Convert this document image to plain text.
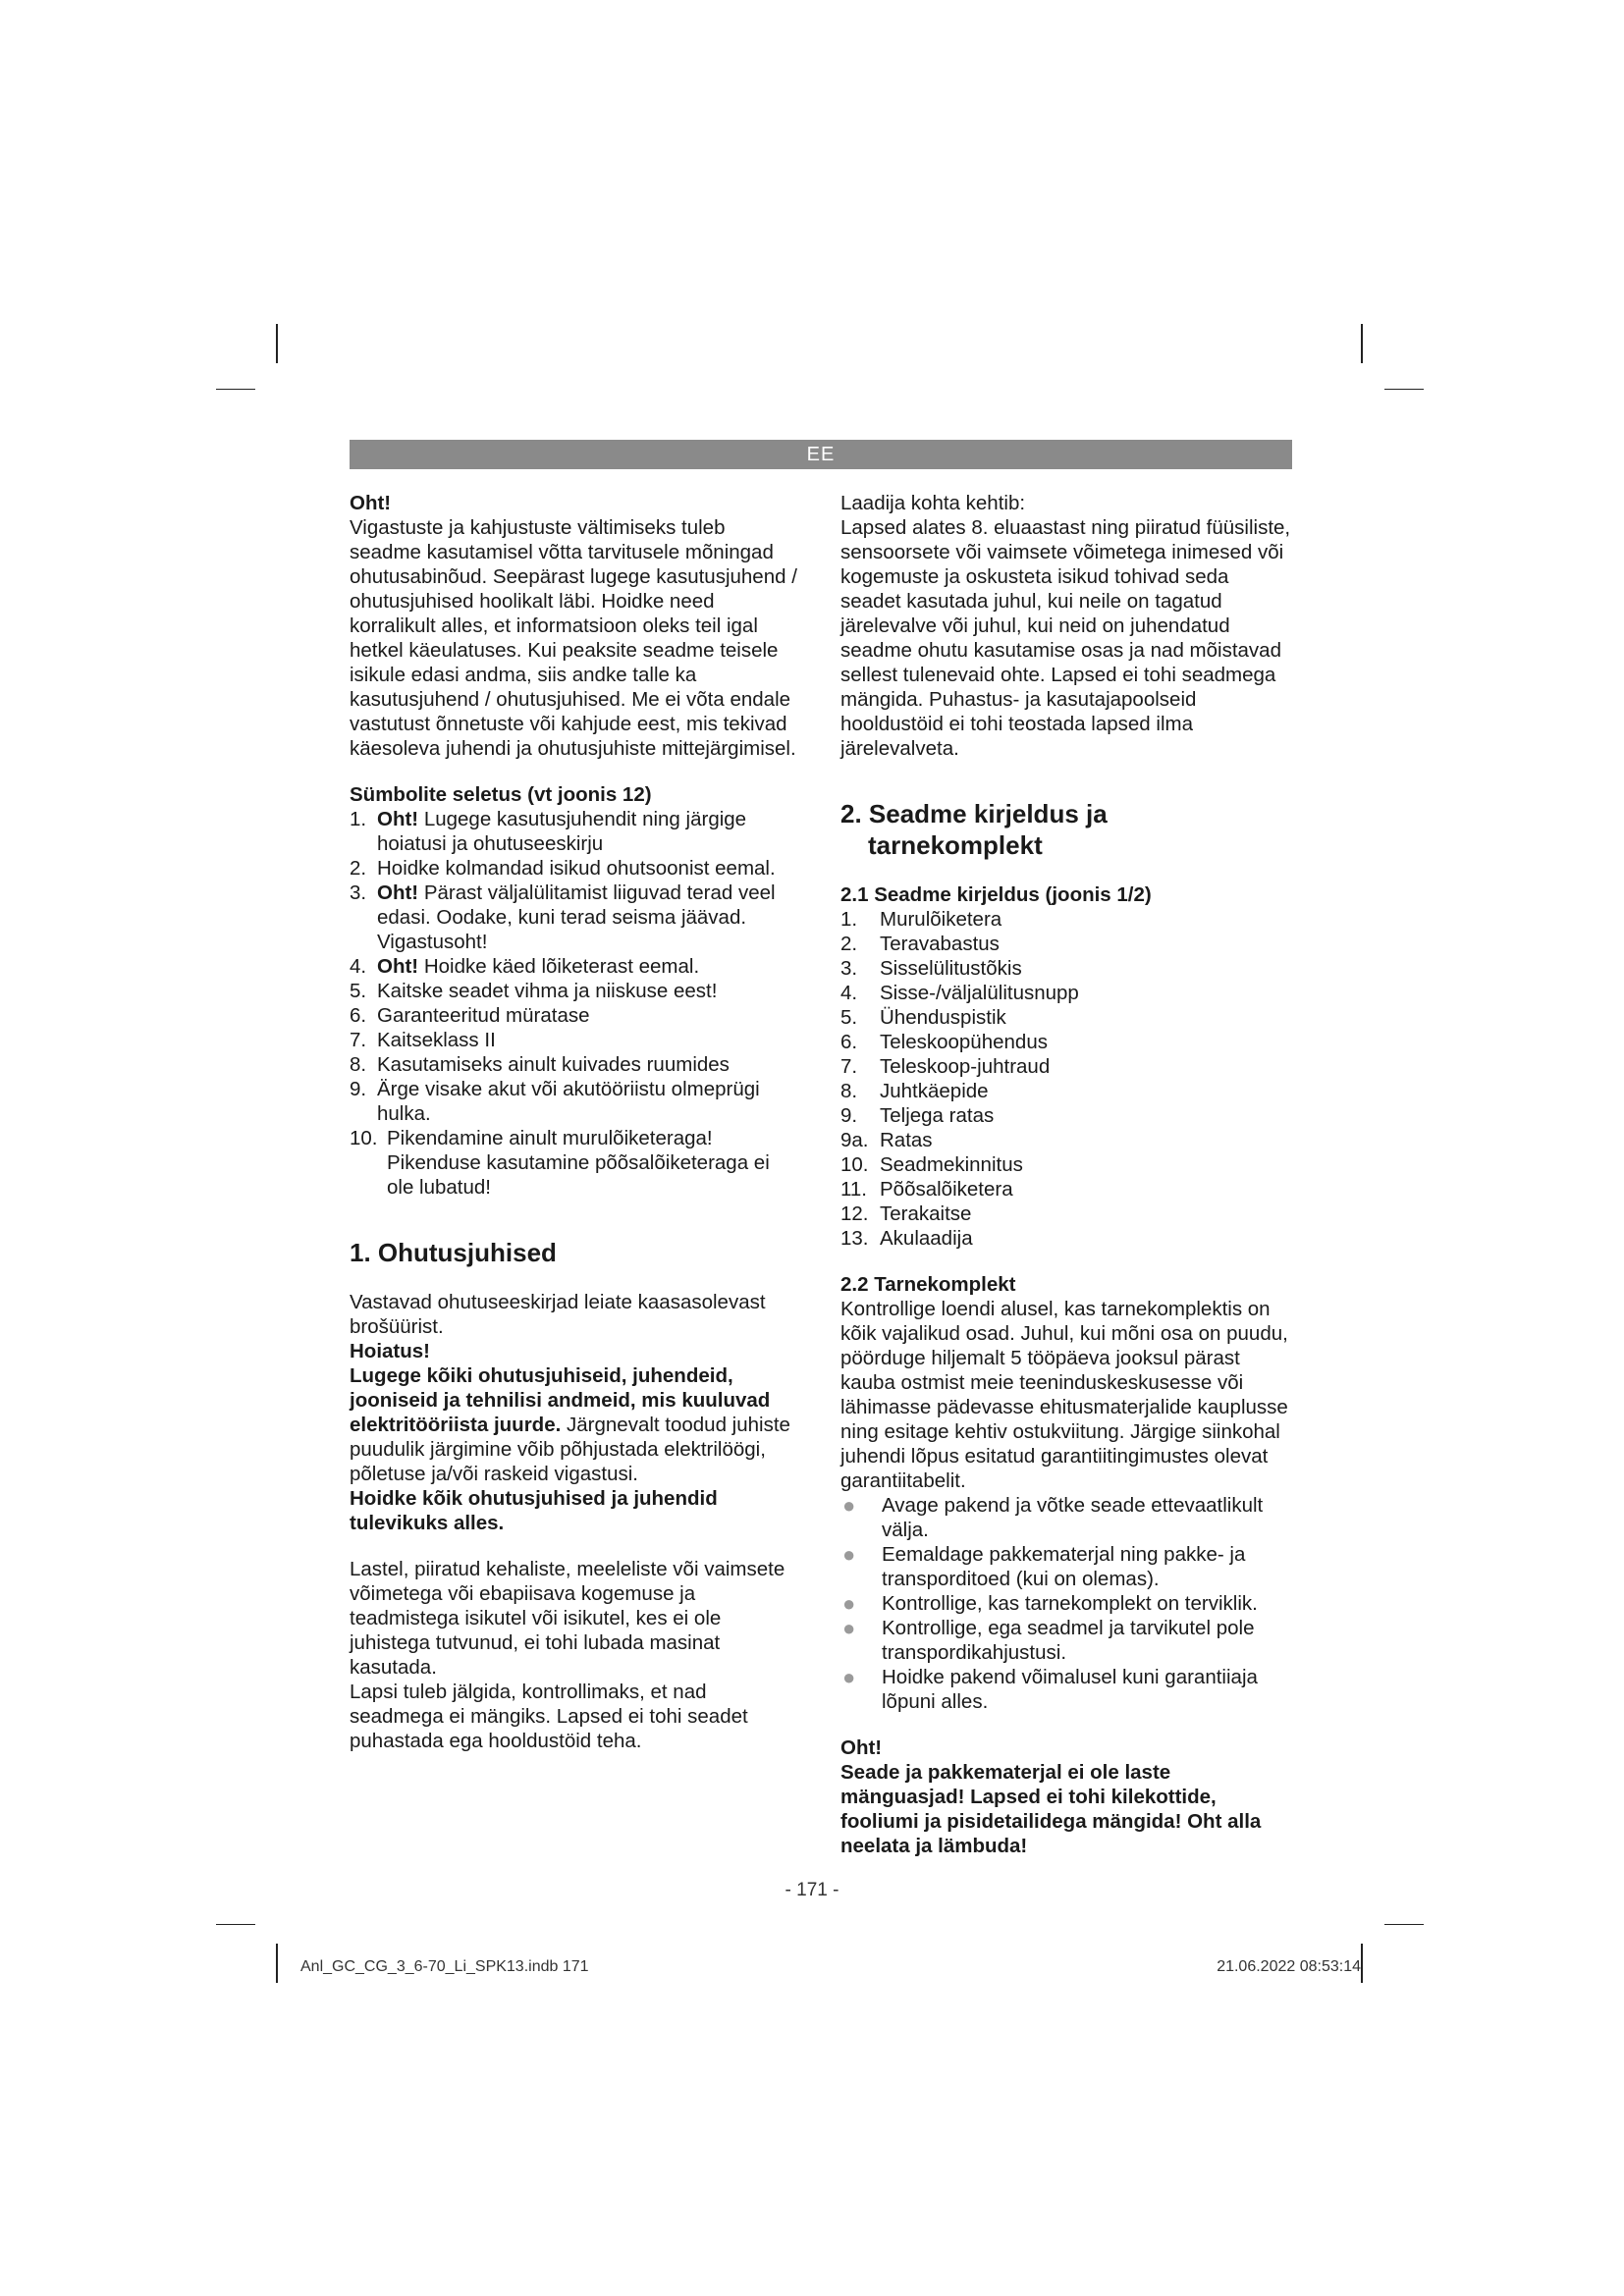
EE

Oht!

Vigastuste ja kahjustuste vältimiseks tuleb seadme kasutamisel võtta tarvitusele mõningad ohutusabinõud. Seepärast lugege kasutusjuhend / ohutusjuhised hoolikalt läbi. Hoidke need korralikult alles, et informatsioon oleks teil igal hetkel käeulatuses. Kui peaksite seadme teisele isikule edasi andma, siis andke talle ka kasutusjuhend / ohutusjuhised. Me ei võta endale vastutust õnnetuste või kahjude eest, mis tekivad käesoleva juhendi ja ohutusjuhiste mittejärgimisel.

Sümbolite seletus (vt joonis 12)

1. Oht! Lugege kasutusjuhendit ning järgige hoiatusi ja ohutuseeskirju
2. Hoidke kolmandad isikud ohutsoonist eemal.
3. Oht! Pärast väljalülitamist liiguvad terad veel edasi. Oodake, kuni terad seisma jäävad. Vigastusoht!
4. Oht! Hoidke käed lõiketerast eemal.
5. Kaitske seadet vihma ja niiskuse eest!
6. Garanteeritud müratase
7. Kaitseklass II
8. Kasutamiseks ainult kuivades ruumides
9. Ärge visake akut või akutööriistu olmeprügi hulka.
10. Pikendamine ainult murulõiketeraga! Pikenduse kasutamine põõsalõiketeraga ei ole lubatud!

1. Ohutusjuhised

Vastavad ohutuseeskirjad leiate kaasasolevast brošüürist.

Hoiatus!

Lugege kõiki ohutusjuhiseid, juhendeid, jooniseid ja tehnilisi andmeid, mis kuuluvad elektritööriista juurde. Järgnevalt toodud juhiste puudulik järgimine võib põhjustada elektrilöögi, põletuse ja/või raskeid vigastusi.

Hoidke kõik ohutusjuhised ja juhendid tulevikuks alles.

Lastel, piiratud kehaliste, meeleliste või vaimsete võimetega või ebapiisava kogemuse ja teadmistega isikutel või isikutel, kes ei ole juhistega tutvunud, ei tohi lubada masinat kasutada.

Lapsi tuleb jälgida, kontrollimaks, et nad seadmega ei mängiks. Lapsed ei tohi seadet puhastada ega hooldustöid teha.

Laadija kohta kehtib:

Lapsed alates 8. eluaastast ning piiratud füüsiliste, sensoorsete või vaimsete võimetega inimesed või kogemuste ja oskusteta isikud tohivad seda seadet kasutada juhul, kui neile on tagatud järelevalve või juhul, kui neid on juhendatud seadme ohutu kasutamise osas ja nad mõistavad sellest tulenevaid ohte. Lapsed ei tohi seadmega mängida. Puhastus- ja kasutajapoolseid hooldustöid ei tohi teostada lapsed ilma järelevalveta.

2. Seadme kirjeldus ja

tarnekomplekt

2.1 Seadme kirjeldus (joonis 1/2)

1. Murulõiketera
2. Teravabastus
3. Sisselülitustõkis
4. Sisse-/väljalülitusnupp
5. Ühenduspistik
6. Teleskoopühendus
7. Teleskoop-juhtraud
8. Juhtkäepide
9. Teljega ratas
9a. Ratas
10. Seadmekinnitus
11. Põõsalõiketera
12. Terakaitse
13. Akulaadija

2.2 Tarnekomplekt

Kontrollige loendi alusel, kas tarnekomplektis on kõik vajalikud osad. Juhul, kui mõni osa on puudu, pöörduge hiljemalt 5 tööpäeva jooksul pärast kauba ostmist meie teeninduskeskusesse või lähimasse pädevasse ehitusmaterjalide kauplusse ning esitage kehtiv ostukviitung. Järgige siinkohal juhendi lõpus esitatud garantiitingimustes olevat garantiitabelit.

● Avage pakend ja võtke seade ettevaatlikult välja.
● Eemaldage pakkematerjal ning pakke- ja transporditoed (kui on olemas).
● Kontrollige, kas tarnekomplekt on terviklik.
● Kontrollige, ega seadmel ja tarvikutel pole transpordikahjustusi.
● Hoidke pakend võimalusel kuni garantiiaja lõpuni alles.

Oht!

Seade ja pakkematerjal ei ole laste mänguasjad! Lapsed ei tohi kilekottide, fooliumi ja pisidetailidega mängida! Oht alla neelata ja lämbuda!

- 171 -
Anl_GC_CG_3_6-70_Li_SPK13.indb 171	21.06.2022 08:53:14
